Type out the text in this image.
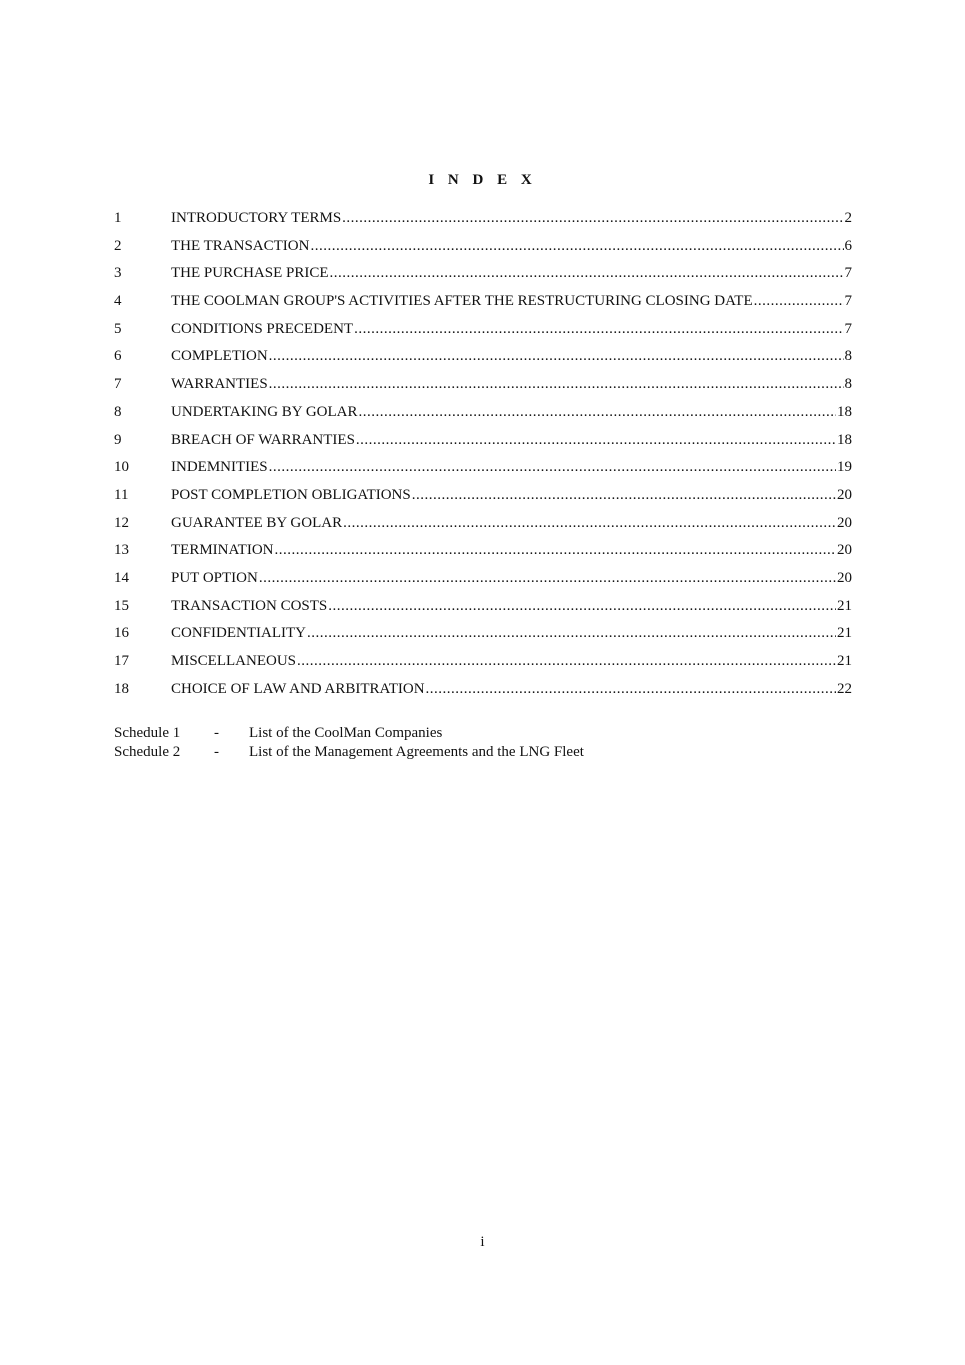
I N D E X
1	INTRODUCTORY TERMS .....	2
2	THE TRANSACTION .....	6
3	THE PURCHASE PRICE .....	7
4	THE COOLMAN GROUP'S ACTIVITIES AFTER THE RESTRUCTURING CLOSING DATE .....	7
5	CONDITIONS PRECEDENT .....	7
6	COMPLETION .....	8
7	WARRANTIES .....	8
8	UNDERTAKING BY GOLAR .....	18
9	BREACH OF WARRANTIES .....	18
10	INDEMNITIES .....	19
11	POST COMPLETION OBLIGATIONS .....	20
12	GUARANTEE BY GOLAR .....	20
13	TERMINATION .....	20
14	PUT OPTION .....	20
15	TRANSACTION COSTS .....	21
16	CONFIDENTIALITY .....	21
17	MISCELLANEOUS .....	21
18	CHOICE OF LAW AND ARBITRATION .....	22
Schedule 1	-	List of the CoolMan Companies
Schedule 2	-	List of the Management Agreements and the LNG Fleet
i
